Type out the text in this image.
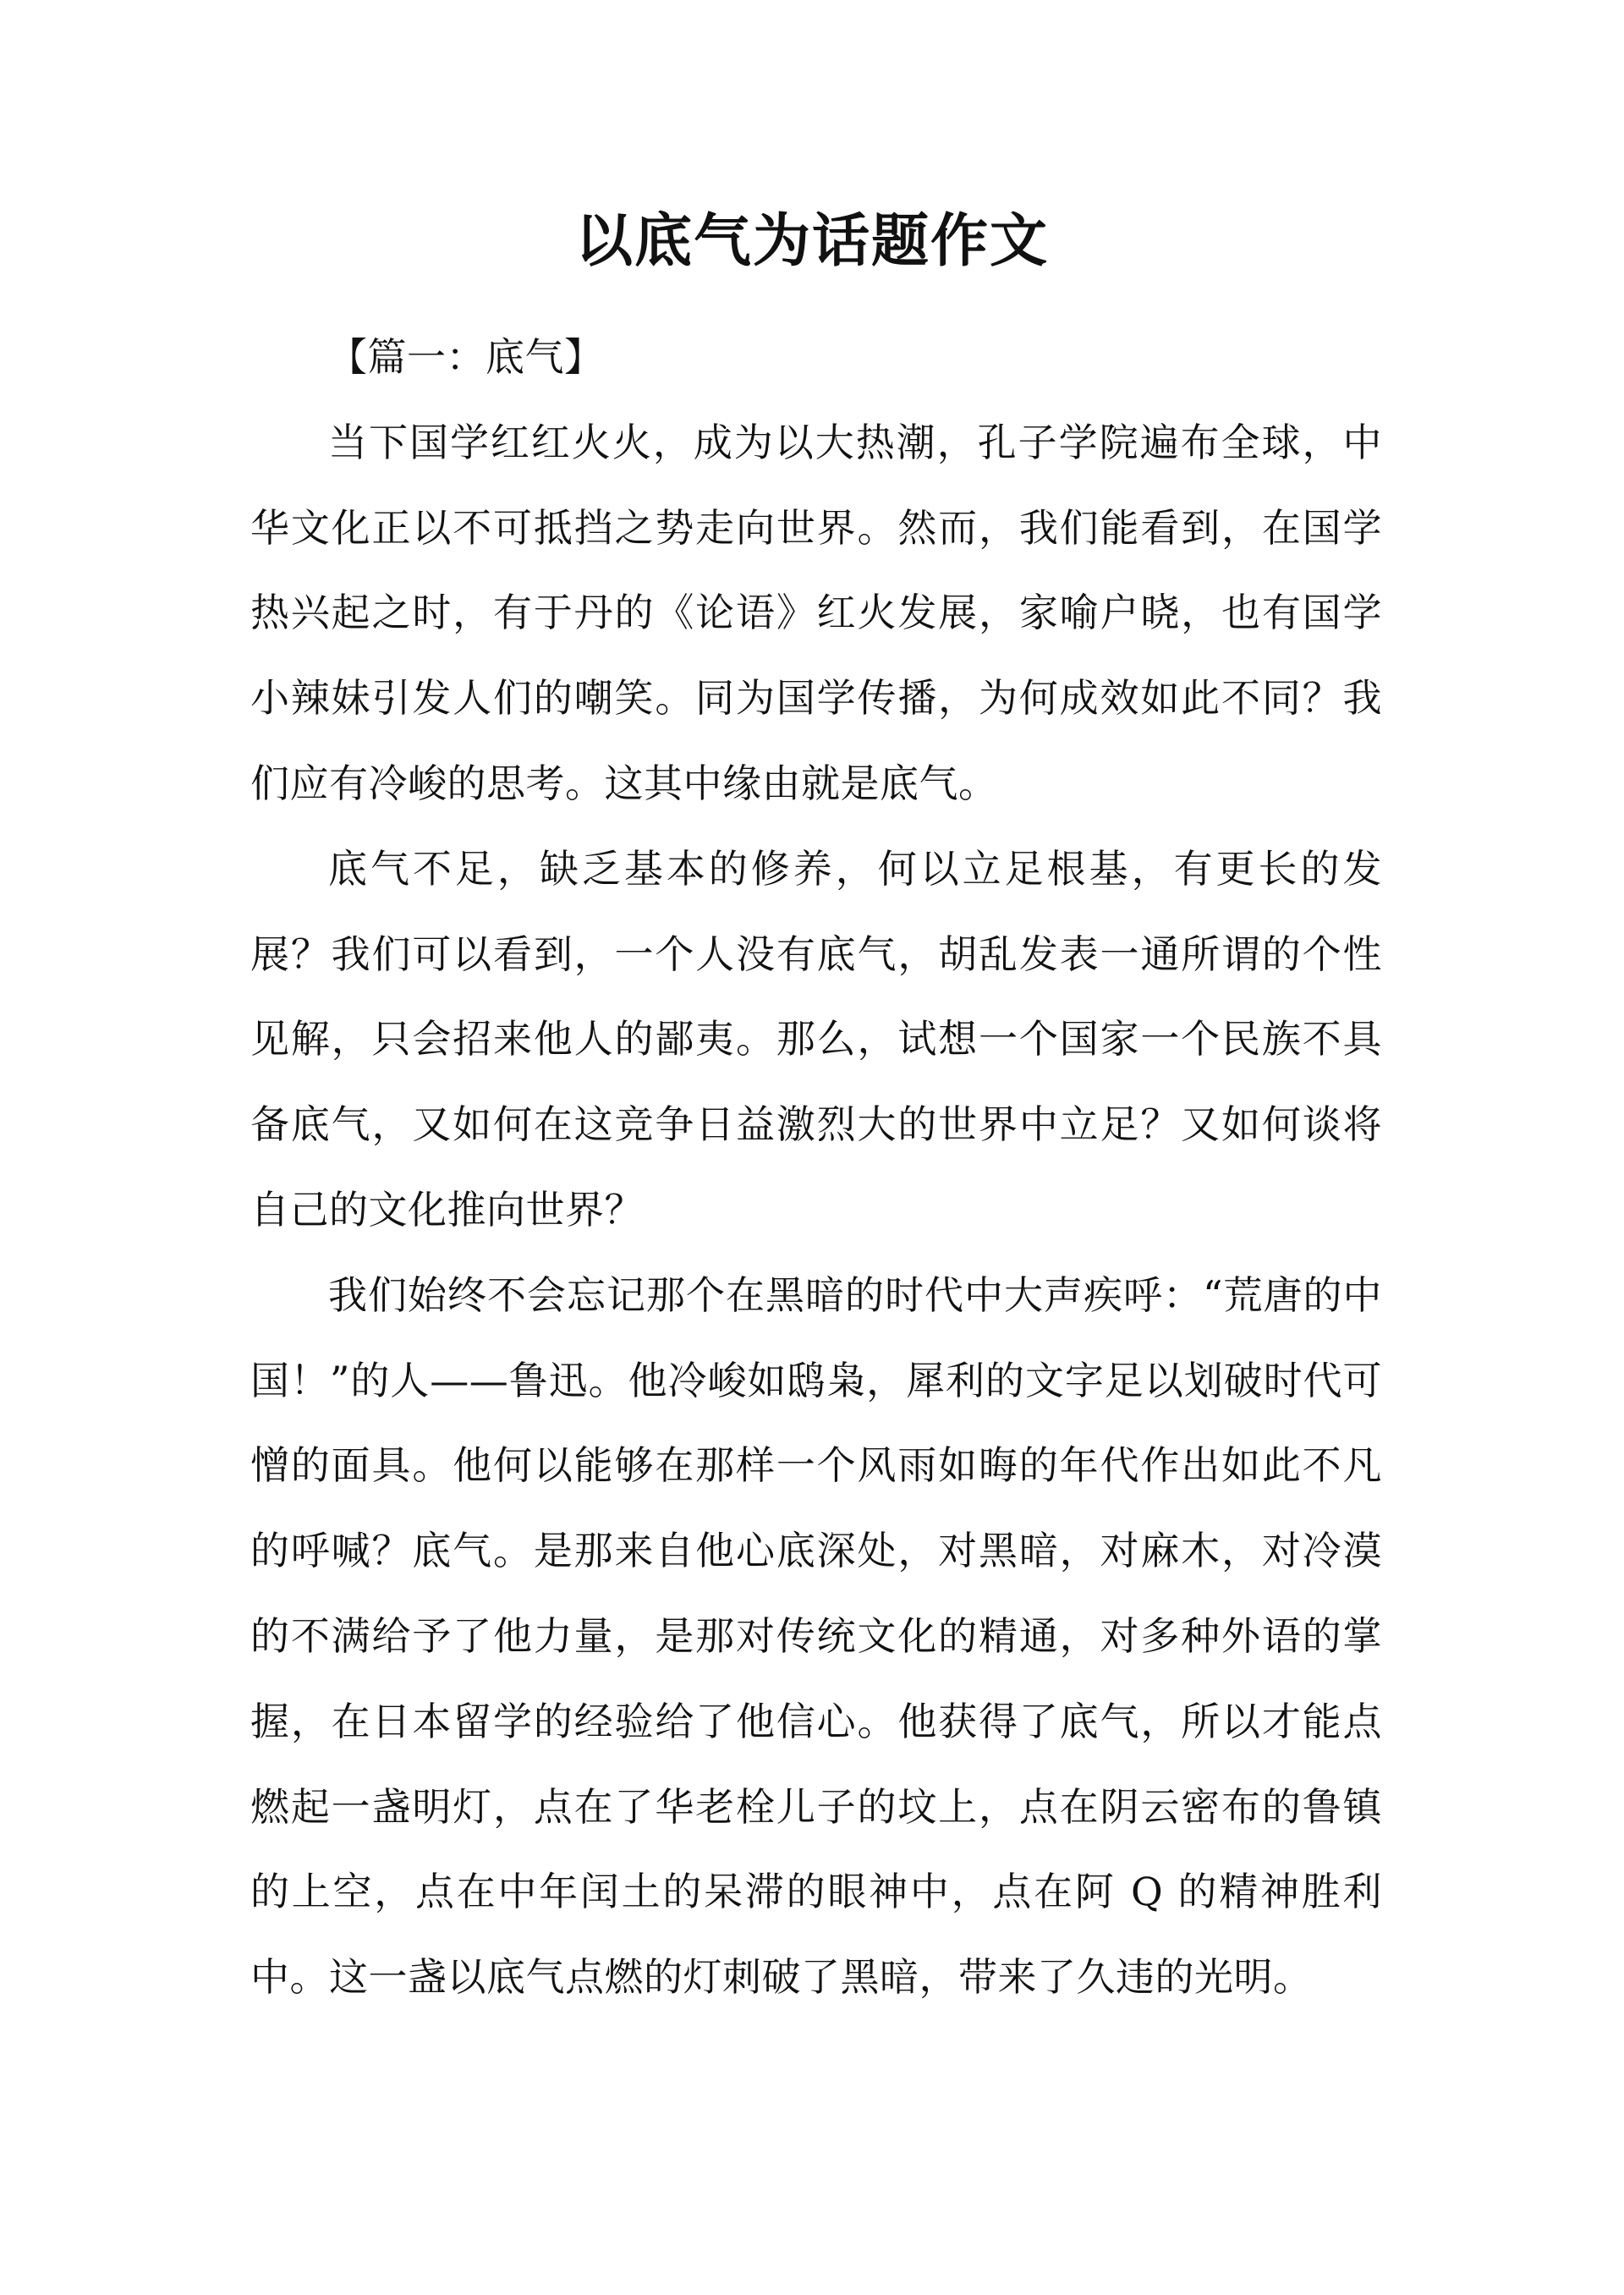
以底气为话题作文

【篇一：底气】

当下国学红红火火，成为以大热潮，孔子学院遍布全球，中华文化正以不可抵挡之势走向世界。然而，我们能看到，在国学热兴起之时，有于丹的《论语》红火发展，家喻户晓，也有国学小辣妹引发人们的嘲笑。同为国学传播，为何成效如此不同？我们应有冷峻的思考。这其中缘由就是底气。

底气不足，缺乏基本的修养，何以立足根基，有更长的发展？我们可以看到，一个人没有底气，胡乱发表一通所谓的个性见解，只会招来他人的鄙夷。那么，试想一个国家一个民族不具备底气，又如何在这竞争日益激烈大的世界中立足？又如何谈将自己的文化推向世界？

我们始终不会忘记那个在黑暗的时代中大声疾呼：“荒唐的中国！”的人——鲁迅。他冷峻如鸱枭，犀利的文字足以划破时代可憎的面具。他何以能够在那样一个风雨如晦的年代作出如此不凡的呼喊？底气。是那来自他心底深处，对黑暗，对麻木，对冷漠的不满给予了他力量，是那对传统文化的精通，对多种外语的掌握，在日本留学的经验给了他信心。他获得了底气，所以才能点燃起一盏明灯，点在了华老栓儿子的坟上，点在阴云密布的鲁镇的上空，点在中年闰土的呆滞的眼神中，点在阿 Q 的精神胜利中。这一盏以底气点燃的灯刺破了黑暗，带来了久违的光明。
